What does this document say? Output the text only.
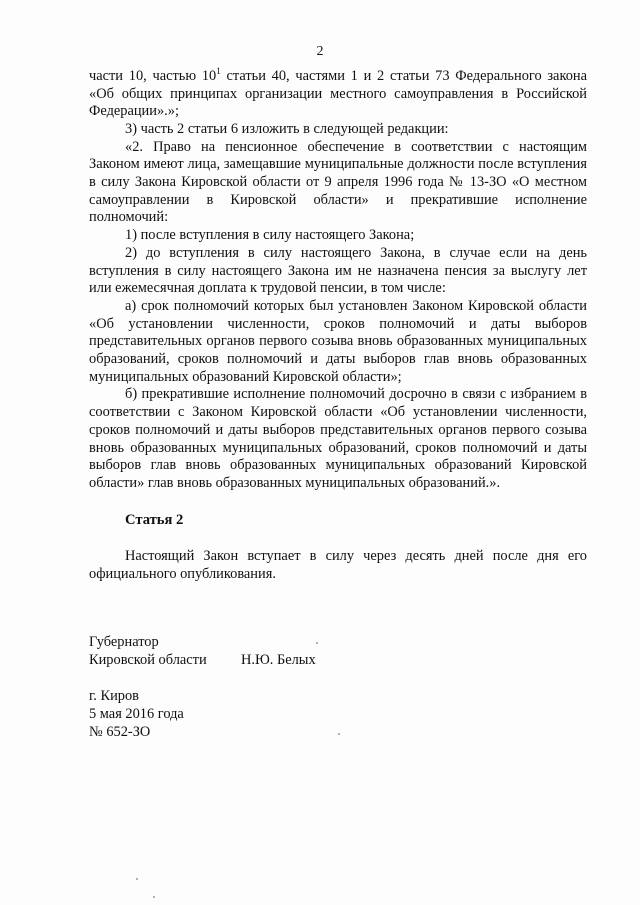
2

части 10, частью $10^1$ статьи 40, частями 1 и 2 статьи 73 Федерального закона «Об общих принципах организации местного самоуправления в Российской Федерации».»;

3) часть 2 статьи 6 изложить в следующей редакции:

«2. Право на пенсионное обеспечение в соответствии с настоящим Законом имеют лица, замещавшие муниципальные должности после вступления в силу Закона Кировской области от 9 апреля 1996 года № 13-ЗО «О местном самоуправлении в Кировской области» и прекратившие исполнение полномочий:

1) после вступления в силу настоящего Закона;

2) до вступления в силу настоящего Закона, в случае если на день вступления в силу настоящего Закона им не назначена пенсия за выслугу лет или ежемесячная доплата к трудовой пенсии, в том числе:

а) срок полномочий которых был установлен Законом Кировской области «Об установлении численности, сроков полномочий и даты выборов представительных органов первого созыва вновь образованных муниципальных образований, сроков полномочий и даты выборов глав вновь образованных муниципальных образований Кировской области»;

б) прекратившие исполнение полномочий досрочно в связи с избранием в соответствии с Законом Кировской области «Об установлении численности, сроков полномочий и даты выборов представительных органов первого созыва вновь образованных муниципальных образований, сроков полномочий и даты выборов глав вновь образованных муниципальных образований Кировской области» глав вновь образованных муниципальных образований.».

Статья 2
Настоящий Закон вступает в силу через десять дней после дня его официального опубликования.
Губернатор
Кировской области Н.Ю. Белых
г. Киров
5 мая 2016 года
№ 652-ЗО
